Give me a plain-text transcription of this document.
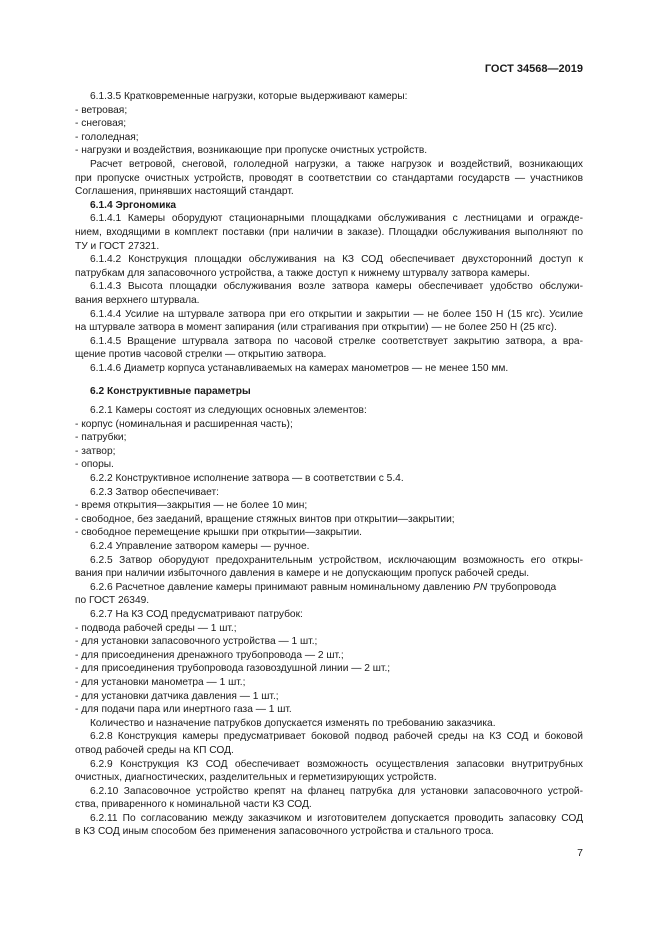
ГОСТ 34568—2019
6.1.3.5 Кратковременные нагрузки, которые выдерживают камеры:
- ветровая;
- снеговая;
- гололедная;
- нагрузки и воздействия, возникающие при пропуске очистных устройств.
Расчет ветровой, снеговой, гололедной нагрузки, а также нагрузок и воздействий, возникающих
при пропуске очистных устройств, проводят в соответствии со стандартами государств — участников
Соглашения, принявших настоящий стандарт.
6.1.4 Эргономика
6.1.4.1 Камеры оборудуют стационарными площадками обслуживания с лестницами и ограждe-
нием, входящими в комплект поставки (при наличии в заказе). Площадки обслуживания выполняют по
ТУ и ГОСТ 27321.
6.1.4.2 Конструкция площадки обслуживания на КЗ СОД обеспечивает двухсторонний доступ к
патрубкам для запасовочного устройства, а также доступ к нижнему штурвалу затвора камеры.
6.1.4.3 Высота площадки обслуживания возле затвора камеры обеспечивает удобство обслужи-
вания верхнего штурвала.
6.1.4.4 Усилие на штурвале затвора при его открытии и закрытии — не более 150 Н (15 кгс). Усилие
на штурвале затвора в момент запирания (или страгивания при открытии) — не более 250 Н (25 кгс).
6.1.4.5 Вращение штурвала затвора по часовой стрелке соответствует закрытию затвора, а вра-
щение против часовой стрелки — открытию затвора.
6.1.4.6 Диаметр корпуса устанавливаемых на камерах манометров — не менее 150 мм.
6.2 Конструктивные параметры
6.2.1 Камеры состоят из следующих основных элементов:
- корпус (номинальная и расширенная часть);
- патрубки;
- затвор;
- опоры.
6.2.2 Конструктивное исполнение затвора — в соответствии с 5.4.
6.2.3 Затвор обеспечивает:
- время открытия—закрытия — не более 10 мин;
- свободное, без заеданий, вращение стяжных винтов при открытии—закрытии;
- свободное перемещение крышки при открытии—закрытии.
6.2.4 Управление затвором камеры — ручное.
6.2.5 Затвор оборудуют предохранительным устройством, исключающим возможность его откры-
вания при наличии избыточного давления в камере и не допускающим пропуск рабочей среды.
6.2.6 Расчетное давление камеры принимают равным номинальному давлению PN трубопровода
по ГОСТ 26349.
6.2.7 На КЗ СОД предусматривают патрубок:
- подвода рабочей среды — 1 шт.;
- для установки запасовочного устройства — 1 шт.;
- для присоединения дренажного трубопровода — 2 шт.;
- для присоединения трубопровода газовоздушной линии — 2 шт.;
- для установки манометра — 1 шт.;
- для установки датчика давления — 1 шт.;
- для подачи пара или инертного газа — 1 шт.
Количество и назначение патрубков допускается изменять по требованию заказчика.
6.2.8 Конструкция камеры предусматривает боковой подвод рабочей среды на КЗ СОД и боковой
отвод рабочей среды на КП СОД.
6.2.9 Конструкция КЗ СОД обеспечивает возможность осуществления запасовки внутритрубных
очистных, диагностических, разделительных и герметизирующих устройств.
6.2.10 Запасовочное устройство крепят на фланец патрубка для установки запасовочного устрой-
ства, приваренного к номинальной части КЗ СОД.
6.2.11 По согласованию между заказчиком и изготовителем допускается проводить запасовку СОД
в КЗ СОД иным способом без применения запасовочного устройства и стального троса.
7
